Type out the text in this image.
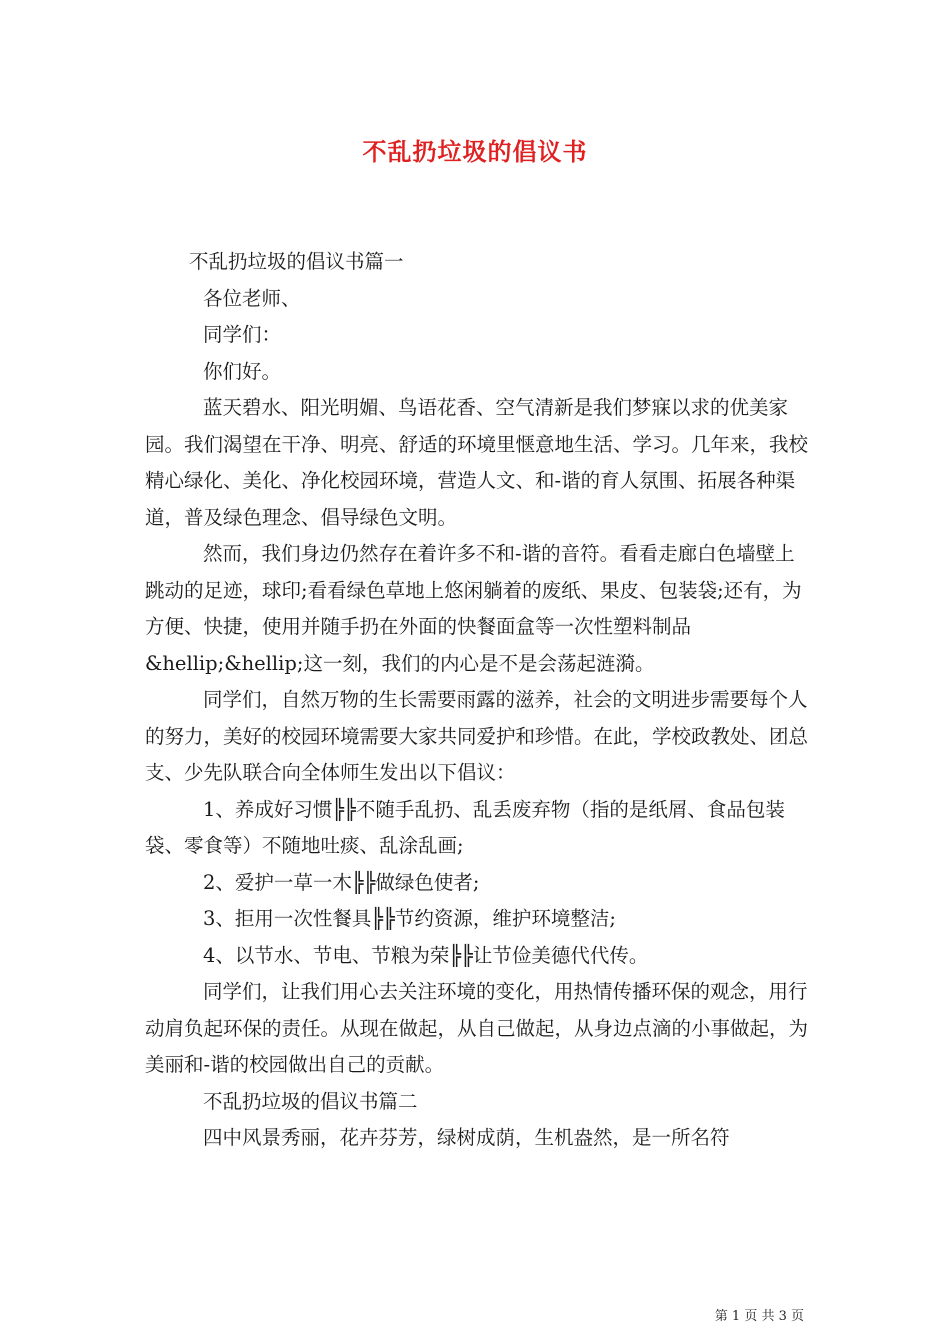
不乱扔垃圾的倡议书

不乱扔垃圾的倡议书篇一

各位老师、

同学们：

你们好。

蓝天碧水、阳光明媚、鸟语花香、空气清新是我们梦寐以求的优美家园。我们渴望在干净、明亮、舒适的环境里惬意地生活、学习。几年来，我校精心绿化、美化、净化校园环境，营造人文、和-谐的育人氛围、拓展各种渠道，普及绿色理念、倡导绿色文明。

然而，我们身边仍然存在着许多不和-谐的音符。看看走廊白色墙壁上跳动的足迹，球印;看看绿色草地上悠闲躺着的废纸、果皮、包装袋;还有，为方便、快捷，使用并随手扔在外面的快餐面盒等一次性塑料制品&hellip;&hellip;这一刻，我们的内心是不是会荡起涟漪。

同学们，自然万物的生长需要雨露的滋养，社会的文明进步需要每个人的努力，美好的校园环境需要大家共同爱护和珍惜。在此，学校政教处、团总支、少先队联合向全体师生发出以下倡议：

1、养成好习惯╠╠不随手乱扔、乱丢废弃物（指的是纸屑、食品包装袋、零食等）不随地吐痰、乱涂乱画;

2、爱护一草一木╠╠做绿色使者;

3、拒用一次性餐具╠╠节约资源，维护环境整洁;

4、以节水、节电、节粮为荣╠╠让节俭美德代代传。

同学们，让我们用心去关注环境的变化，用热情传播环保的观念，用行动肩负起环保的责任。从现在做起，从自己做起，从身边点滴的小事做起，为美丽和-谐的校园做出自己的贡献。

不乱扔垃圾的倡议书篇二

四中风景秀丽，花卉芬芳，绿树成荫，生机盎然，是一所名符

第 1 页 共 3 页
